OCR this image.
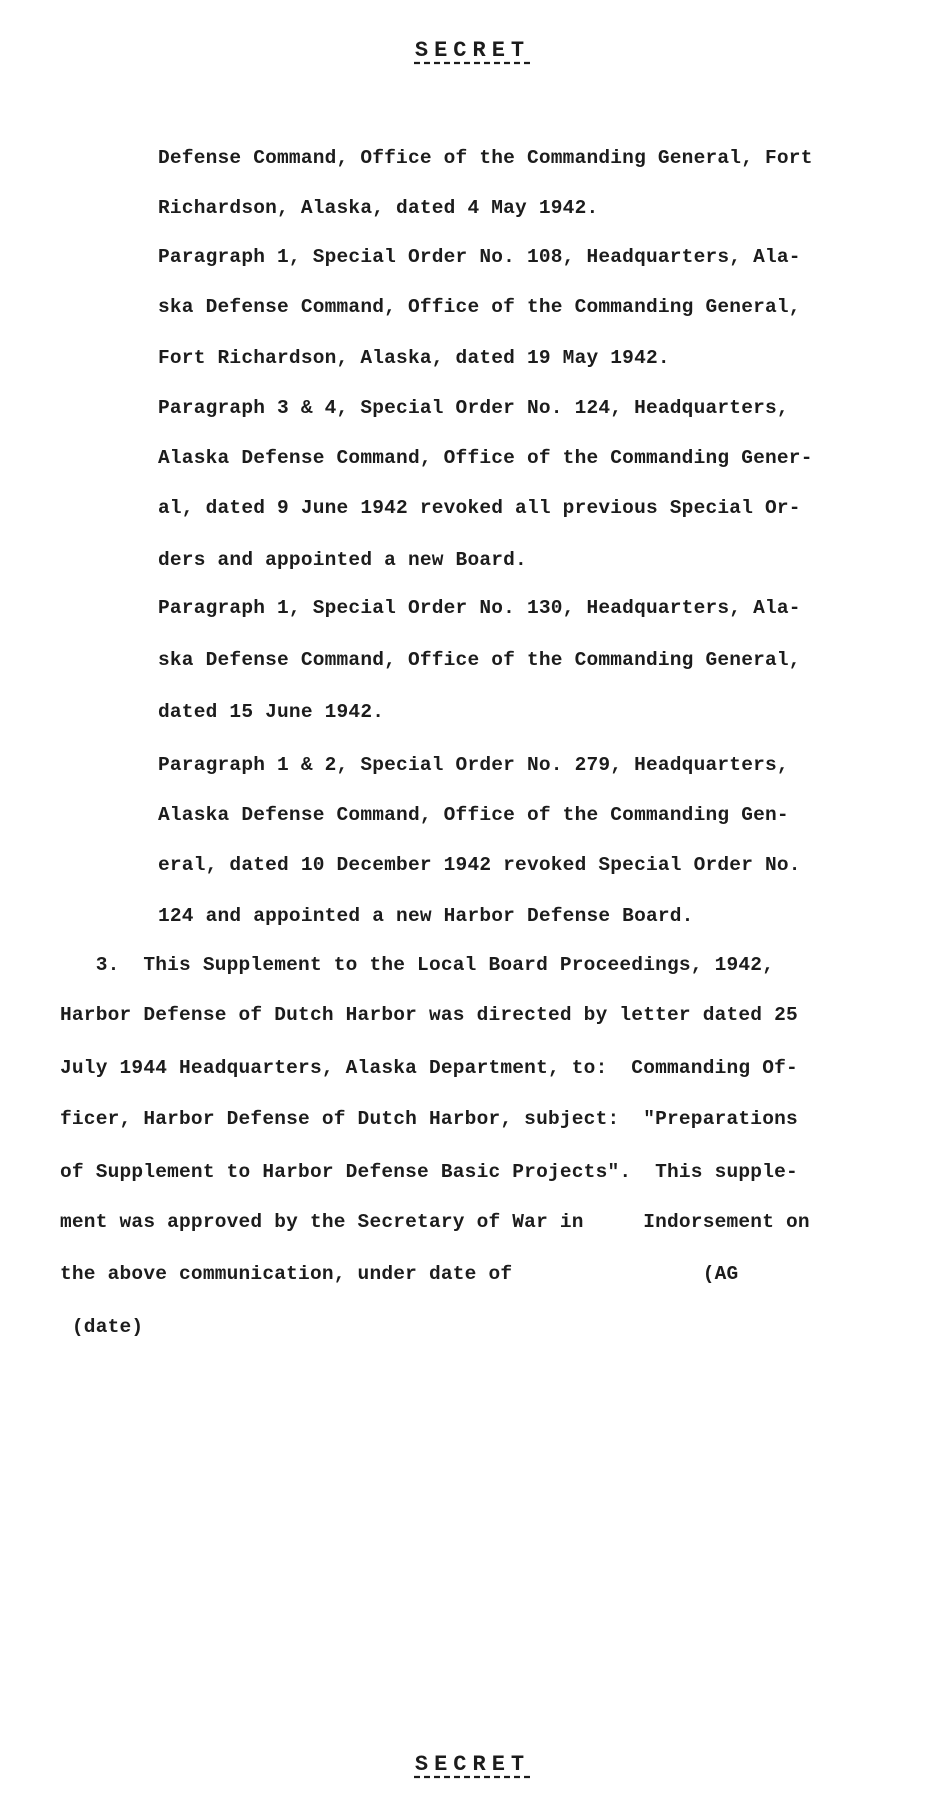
SECRET
Defense Command, Office of the Commanding General, Fort
Richardson, Alaska, dated 4 May 1942.
Paragraph 1, Special Order No. 108, Headquarters, Ala-
ska Defense Command, Office of the Commanding General,
Fort Richardson, Alaska, dated 19 May 1942.
Paragraph 3 & 4, Special Order No. 124, Headquarters,
Alaska Defense Command, Office of the Commanding Gener-
al, dated 9 June 1942 revoked all previous Special Or-
ders and appointed a new Board.
Paragraph 1, Special Order No. 130, Headquarters, Ala-
ska Defense Command, Office of the Commanding General,
dated 15 June 1942.
Paragraph 1 & 2, Special Order No. 279, Headquarters,
Alaska Defense Command, Office of the Commanding Gen-
eral, dated 10 December 1942 revoked Special Order No.
124 and appointed a new Harbor Defense Board.
3.  This Supplement to the Local Board Proceedings, 1942,
Harbor Defense of Dutch Harbor was directed by letter dated 25
July 1944 Headquarters, Alaska Department, to:  Commanding Of-
ficer, Harbor Defense of Dutch Harbor, subject:  "Preparations
of Supplement to Harbor Defense Basic Projects".  This supple-
ment was approved by the Secretary of War in     Indorsement on
the above communication, under date of                (AG
(date)
SECRET
